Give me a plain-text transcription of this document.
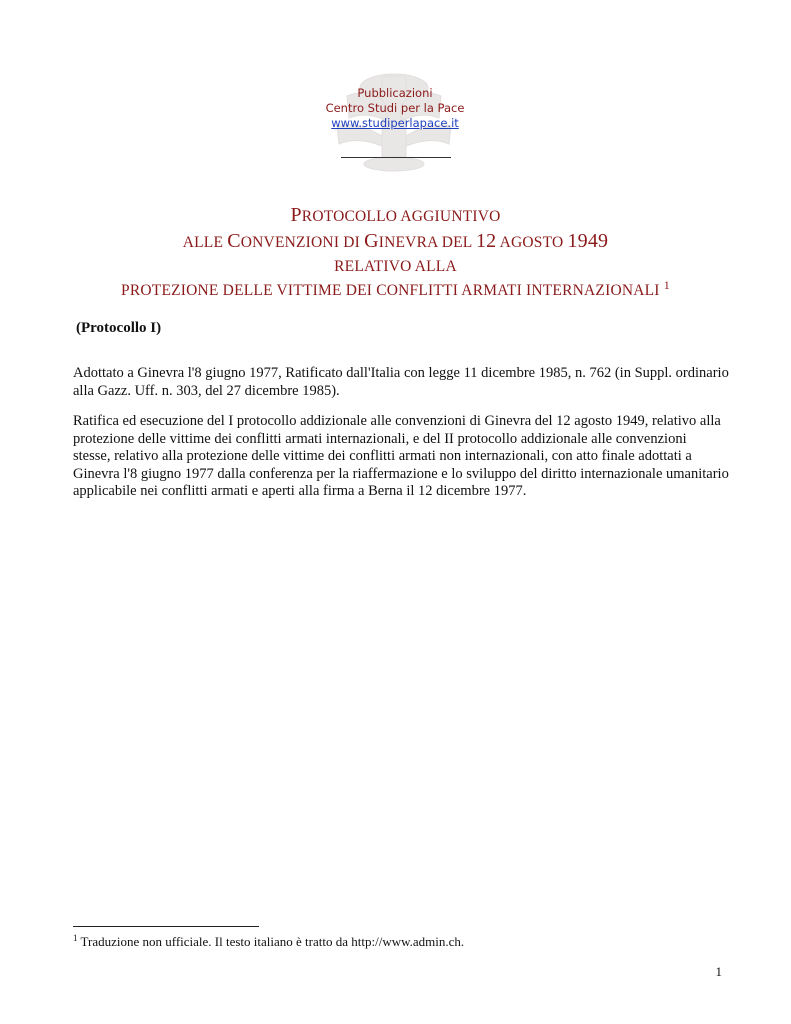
Pubblicazioni
Centro Studi per la Pace
www.studiperlapace.it
PROTOCOLLO AGGIUNTIVO
ALLE CONVENZIONI DI GINEVRA DEL 12 AGOSTO 1949
RELATIVO ALLA
PROTEZIONE DELLE VITTIME DEI CONFLITTI ARMATI INTERNAZIONALI $^1$
(Protocollo I)

Adottato a Ginevra l'8 giugno 1977, Ratificato dall'Italia con legge 11 dicembre 1985, n. 762 (in Suppl. ordinario
alla Gazz. Uff. n. 303, del 27 dicembre 1985).

Ratifica ed esecuzione del I protocollo addizionale alle convenzioni di Ginevra del 12 agosto 1949, relativo alla
protezione delle vittime dei conflitti armati internazionali, e del II protocollo addizionale alle convenzioni
stesse, relativo alla protezione delle vittime dei conflitti armati non internazionali, con atto finale adottati a
Ginevra l'8 giugno 1977 dalla conferenza per la riaffermazione e lo sviluppo del diritto internazionale umanitario
applicabile nei conflitti armati e aperti alla firma a Berna il 12 dicembre 1977.

$^1$ Traduzione non ufficiale. Il testo italiano è tratto da http://www.admin.ch.
1
